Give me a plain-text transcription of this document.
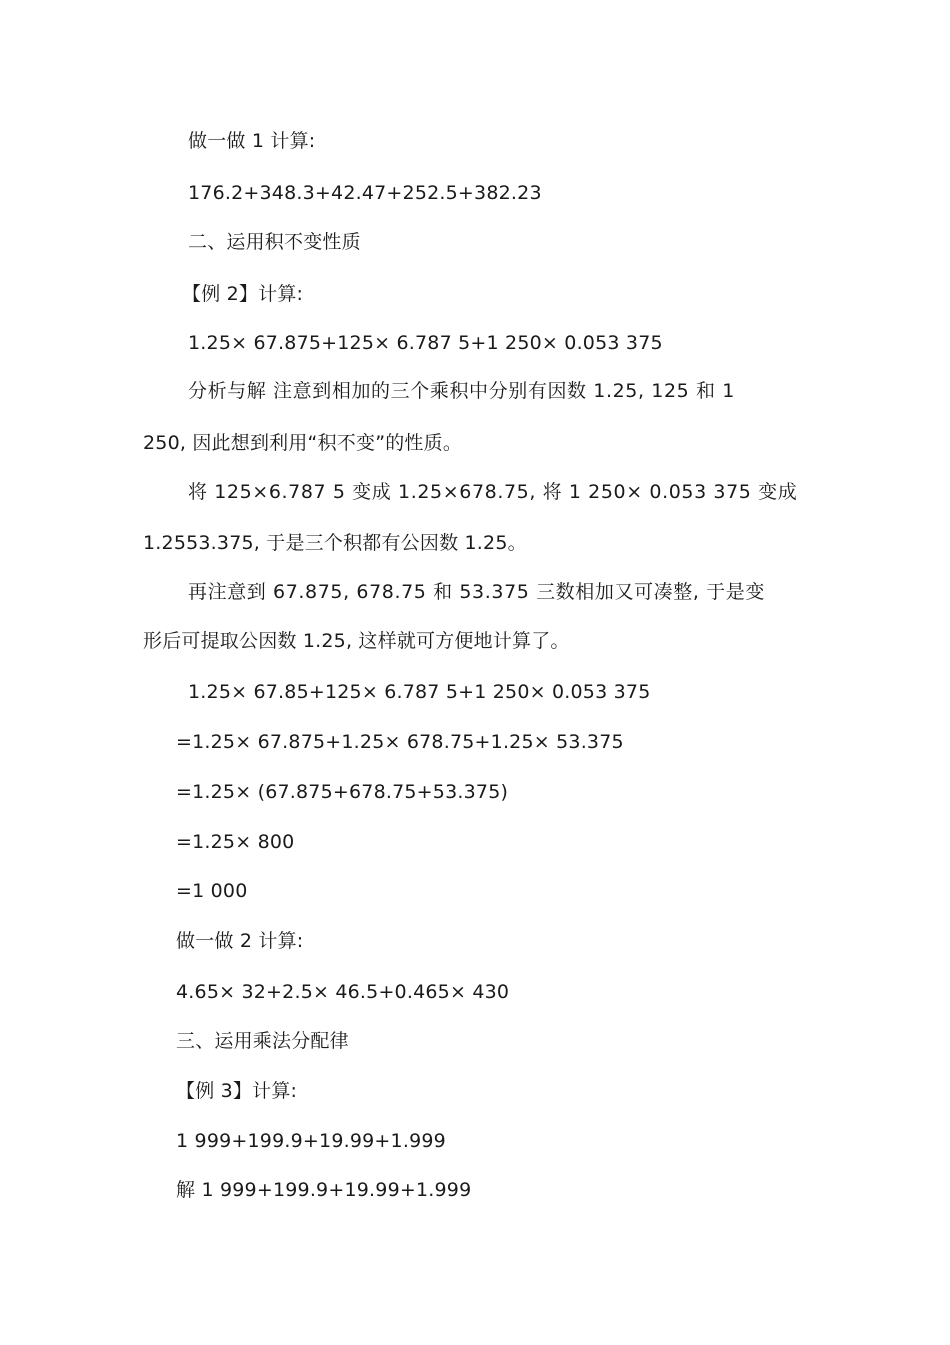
做一做 1 计算:
176.2+348.3+42.47+252.5+382.23
二、运用积不变性质
【例 2】计算:
1.25× 67.875+125× 6.787 5+1 250× 0.053 375
分析与解 注意到相加的三个乘积中分别有因数 1.25, 125 和 1
250, 因此想到利用“积不变”的性质。
将 125×6.787 5 变成 1.25×678.75, 将 1 250× 0.053 375 变成
1.2553.375, 于是三个积都有公因数 1.25。
再注意到 67.875, 678.75 和 53.375 三数相加又可凑整, 于是变
形后可提取公因数 1.25, 这样就可方便地计算了。
1.25× 67.85+125× 6.787 5+1 250× 0.053 375
=1.25× 67.875+1.25× 678.75+1.25× 53.375
=1.25× (67.875+678.75+53.375)
=1.25× 800
=1 000
做一做 2 计算:
4.65× 32+2.5× 46.5+0.465× 430
三、运用乘法分配律
【例 3】计算:
1 999+199.9+19.99+1.999
解 1 999+199.9+19.99+1.999
